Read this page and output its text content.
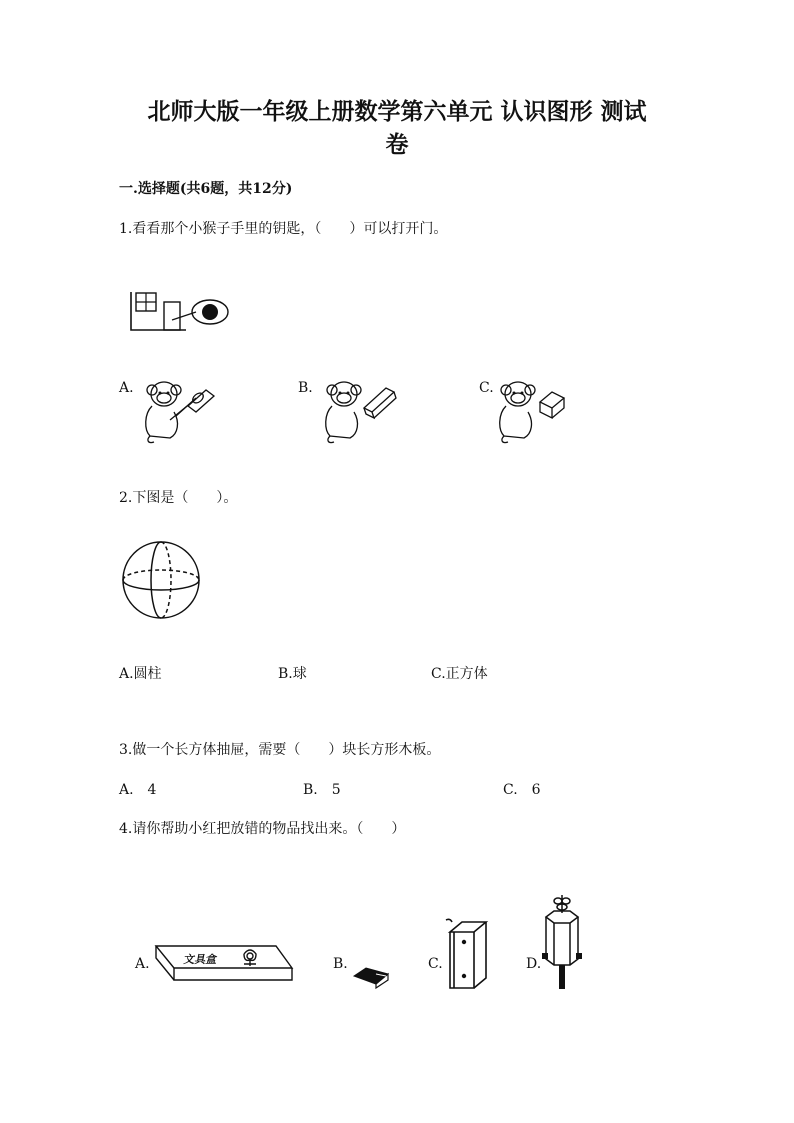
北师大版一年级上册数学第六单元 认识图形 测试
卷
一.选择题(共6题，共12分)
1.看看那个小猴子手里的钥匙，（　　）可以打开门。
A.	B.	C.
2.下图是（　　）。
A.圆柱	B.球	C.正方体
3.做一个长方体抽屉，需要（　　）块长方形木板。
A.　4	B.　5	C.　6
4.请你帮助小红把放错的物品找出来。（　　）
A.	B.	C.	D.
文具盒
